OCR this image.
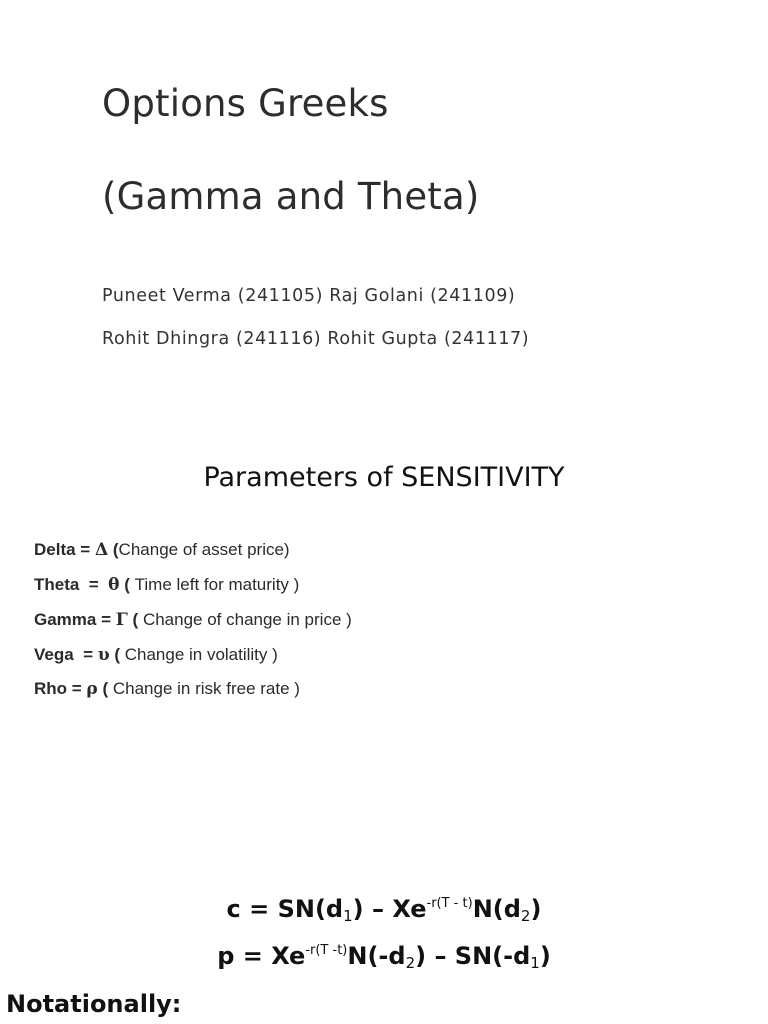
Options Greeks
(Gamma and Theta)
Puneet Verma (241105) Raj Golani (241109)
Rohit Dhingra (241116) Rohit Gupta (241117)
Parameters of SENSITIVITY
Delta = Δ (Change of asset price)
Theta  =  θ ( Time left for maturity )
Gamma = Γ ( Change of change in price )
Vega  = υ ( Change in volatility )
Rho = ρ ( Change in risk free rate )
$c = SN(d_1) - Xe^{-r(T - t)}N(d_2)$
$p = Xe^{-r(T -t)}N(-d_2) - SN(-d_1)$
Notationally:
